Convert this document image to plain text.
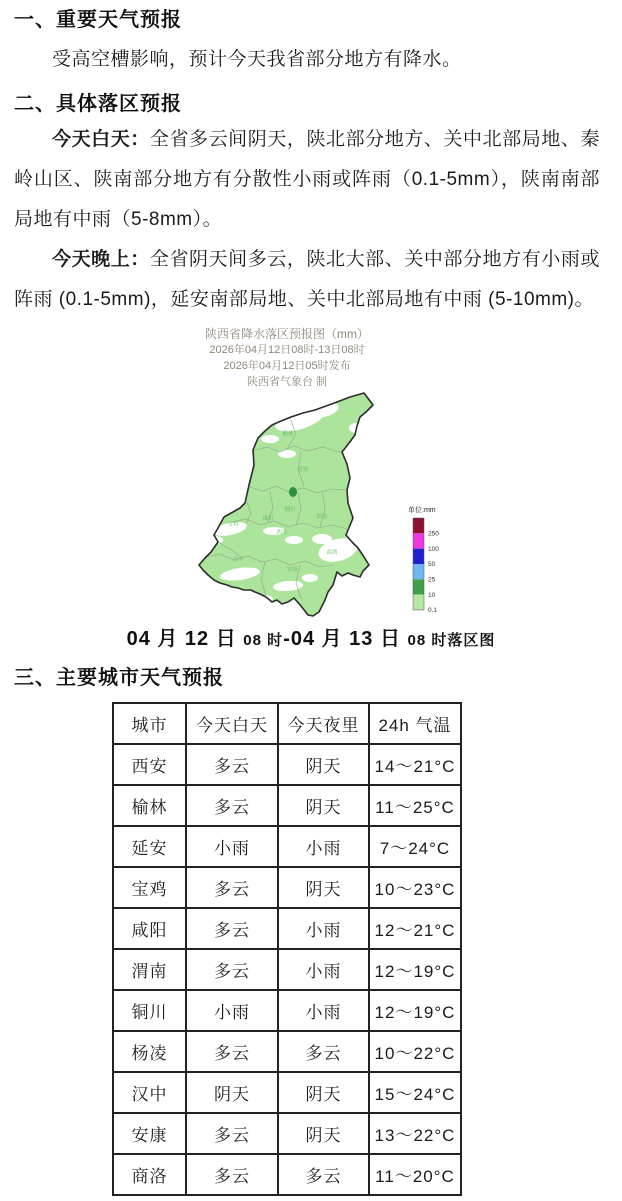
一、重要天气预报

受高空槽影响，预计今天我省部分地方有降水。

二、具体落区预报

今天白天：全省多云间阴天，陕北部分地方、关中北部局地、秦岭山区、陕南部分地方有分散性小雨或阵雨（0.1-5mm），陕南南部局地有中雨（5-8mm）。

今天晚上：全省阴天间多云，陕北大部、关中部分地方有小雨或阵雨 (0.1-5mm)，延安南部局地、关中北部局地有中雨 (5-10mm)。

陕西省降水落区预报图（mm）
2026年04月12日08时-13日08时
2026年04月12日05时发布
陕西省气象台 制
榆林
延安
铜川
渭南
宝鸡
咸阳
西安
商洛
汉中
安康
单位:mm
250
100
50
25
10
0.1

04 月 12 日 08 时-04 月 13 日 08 时落区图

三、主要城市天气预报
城市	今天白天	今天夜里	24h 气温
西安	多云	阴天	14～21°C
榆林	多云	阴天	11～25°C
延安	小雨	小雨	7～24°C
宝鸡	多云	阴天	10～23°C
咸阳	多云	小雨	12～21°C
渭南	多云	小雨	12～19°C
铜川	小雨	小雨	12～19°C
杨凌	多云	多云	10～22°C
汉中	阴天	阴天	15～24°C
安康	多云	阴天	13～22°C
商洛	多云	多云	11～20°C
